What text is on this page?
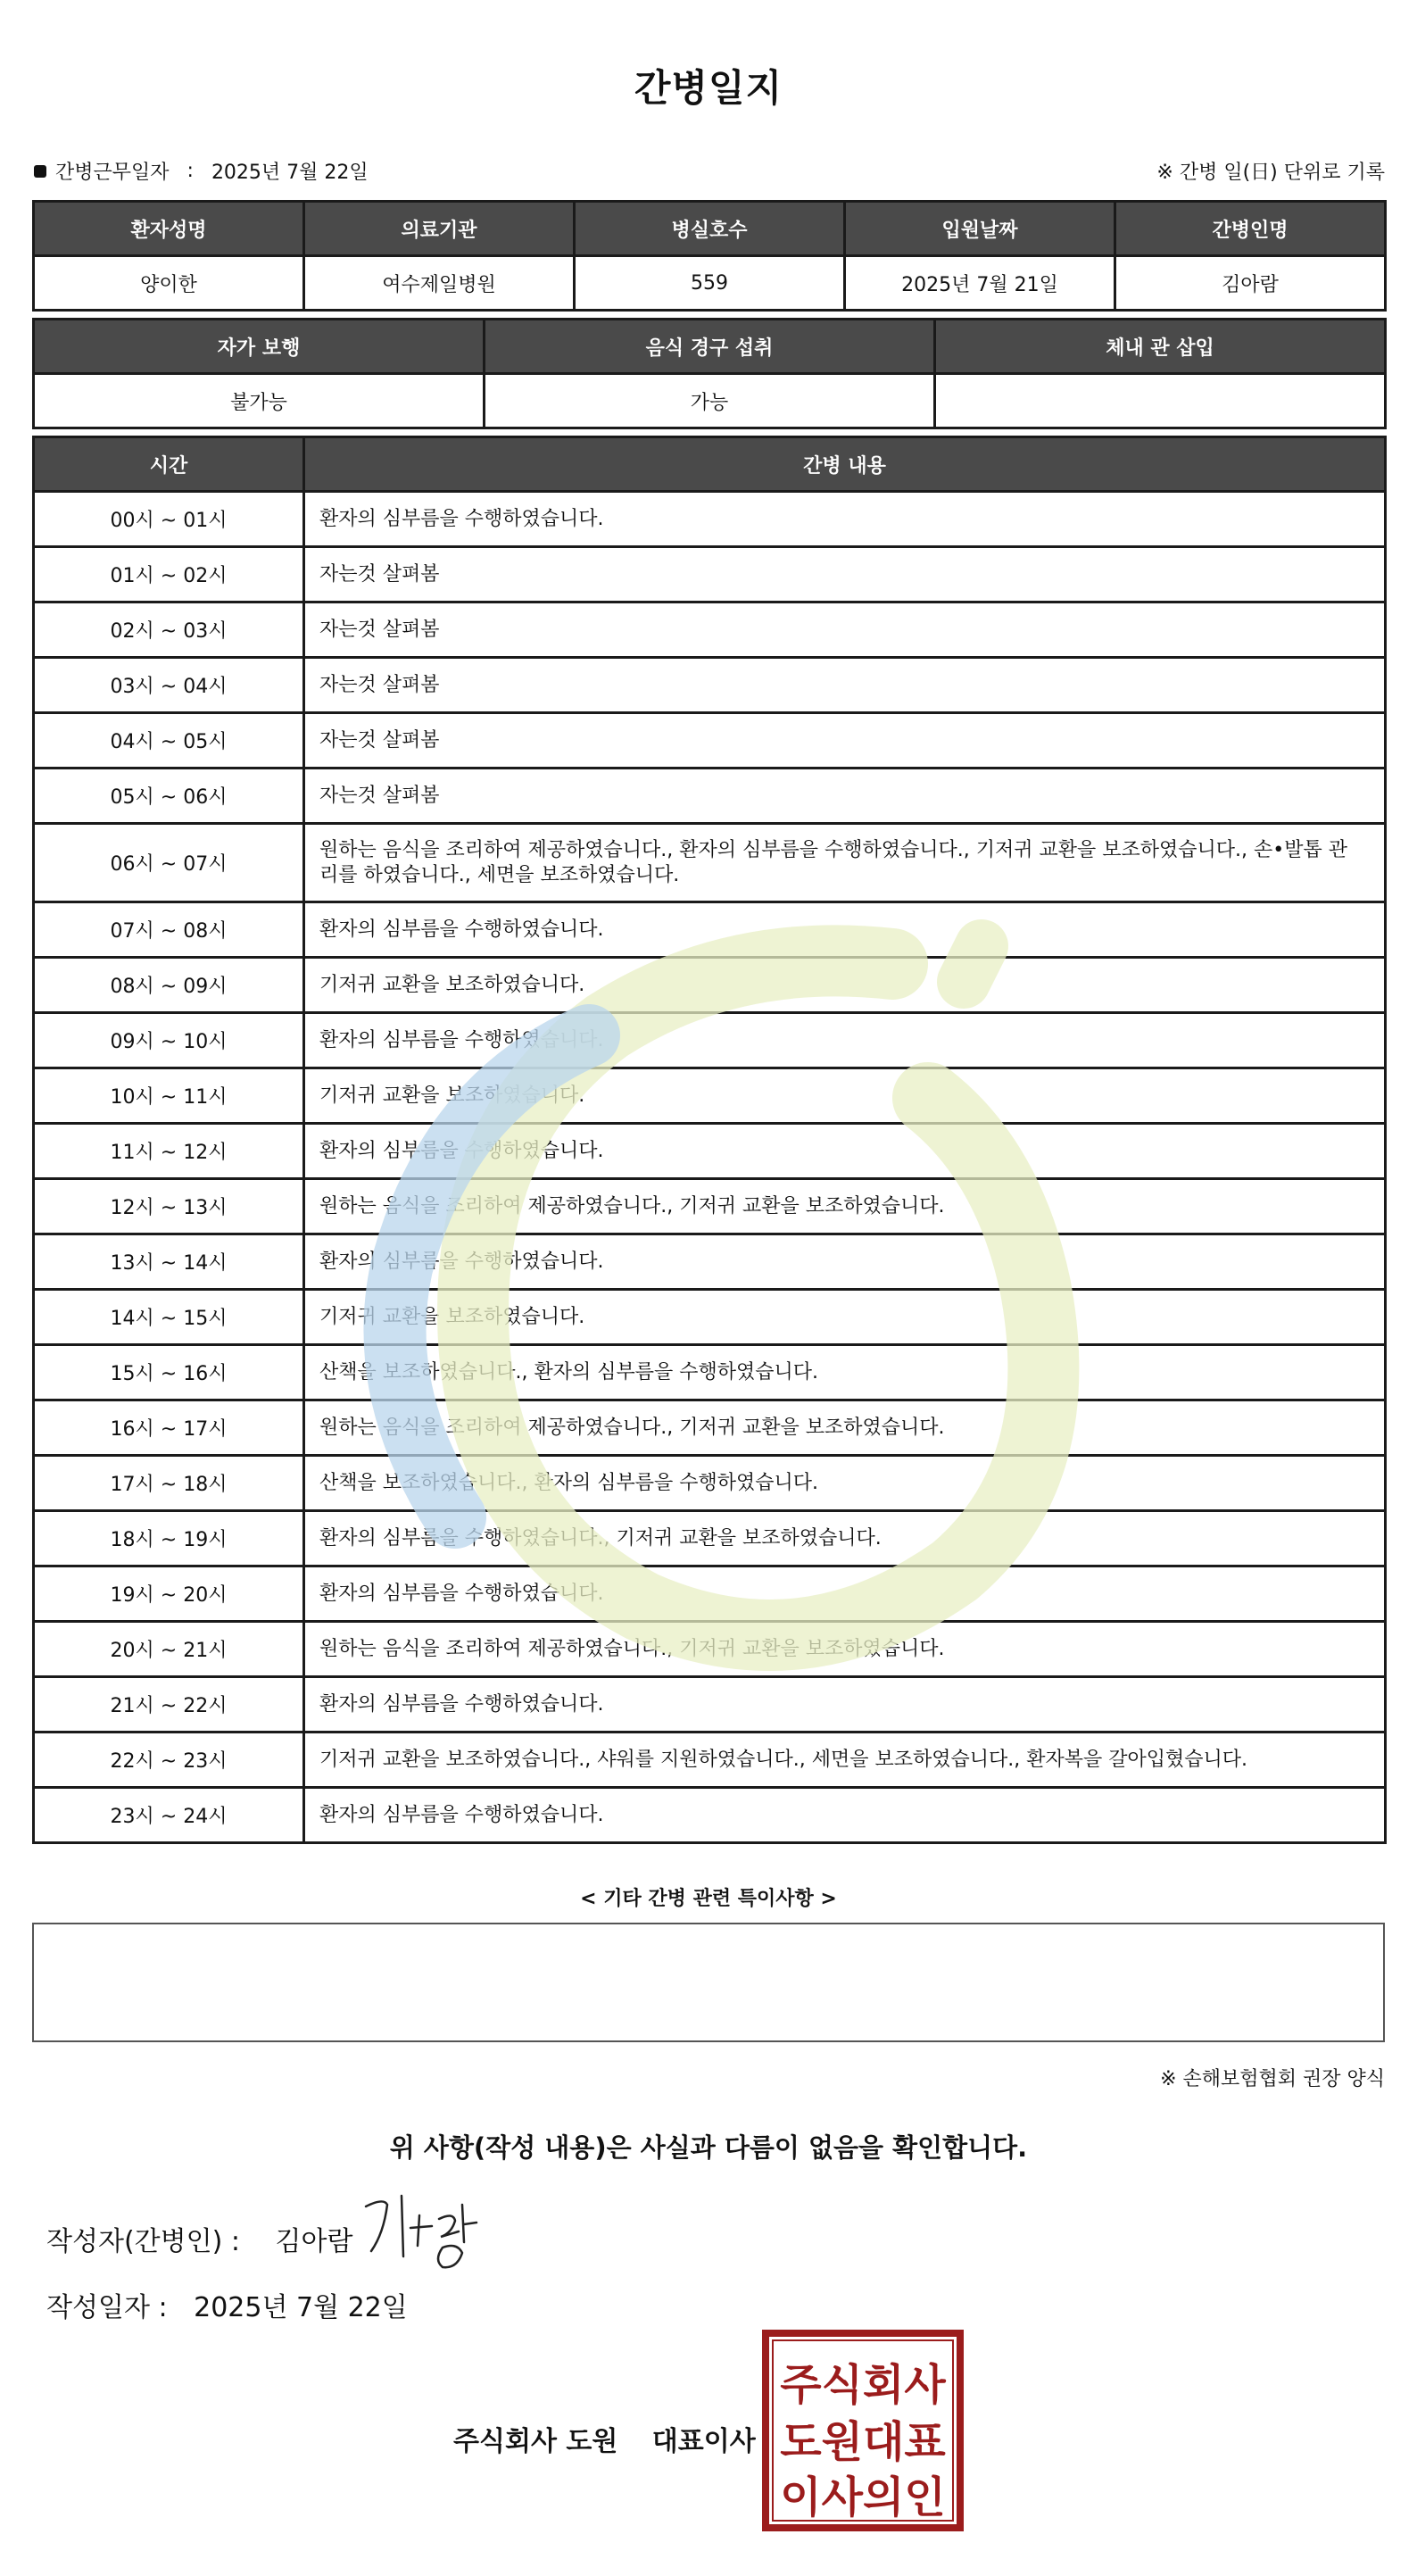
간병일지
간병근무일자 : 2025년 7월 22일	※ 간병 일(日) 단위로 기록
환자성명	의료기관	병실호수	입원날짜	간병인명
양이한	여수제일병원	559	2025년 7월 21일	김아람
자가 보행	음식 경구 섭취	체내 관 삽입
불가능	가능	
시간	간병 내용
00시 ~ 01시	환자의 심부름을 수행하였습니다.
01시 ~ 02시	자는것 살펴봄
02시 ~ 03시	자는것 살펴봄
03시 ~ 04시	자는것 살펴봄
04시 ~ 05시	자는것 살펴봄
05시 ~ 06시	자는것 살펴봄
06시 ~ 07시	원하는 음식을 조리하여 제공하였습니다., 환자의 심부름을 수행하였습니다., 기저귀 교환을 보조하였습니다., 손•발톱 관리를 하였습니다., 세면을 보조하였습니다.
07시 ~ 08시	환자의 심부름을 수행하였습니다.
08시 ~ 09시	기저귀 교환을 보조하였습니다.
09시 ~ 10시	환자의 심부름을 수행하였습니다.
10시 ~ 11시	기저귀 교환을 보조하였습니다.
11시 ~ 12시	환자의 심부름을 수행하였습니다.
12시 ~ 13시	원하는 음식을 조리하여 제공하였습니다., 기저귀 교환을 보조하였습니다.
13시 ~ 14시	환자의 심부름을 수행하였습니다.
14시 ~ 15시	기저귀 교환을 보조하였습니다.
15시 ~ 16시	산책을 보조하였습니다., 환자의 심부름을 수행하였습니다.
16시 ~ 17시	원하는 음식을 조리하여 제공하였습니다., 기저귀 교환을 보조하였습니다.
17시 ~ 18시	산책을 보조하였습니다., 환자의 심부름을 수행하였습니다.
18시 ~ 19시	환자의 심부름을 수행하였습니다., 기저귀 교환을 보조하였습니다.
19시 ~ 20시	환자의 심부름을 수행하였습니다.
20시 ~ 21시	원하는 음식을 조리하여 제공하였습니다., 기저귀 교환을 보조하였습니다.
21시 ~ 22시	환자의 심부름을 수행하였습니다.
22시 ~ 23시	기저귀 교환을 보조하였습니다., 샤워를 지원하였습니다., 세면을 보조하였습니다., 환자복을 갈아입혔습니다.
23시 ~ 24시	환자의 심부름을 수행하였습니다.
< 기타 간병 관련 특이사항 >
※ 손해보험협회 권장 양식
위 사항(작성 내용)은 사실과 다름이 없음을 확인합니다.
작성자(간병인) : 김아람
작성일자 : 2025년 7월 22일
주식회사 도원 대표이사
주식회사
도원대표
이사의인
